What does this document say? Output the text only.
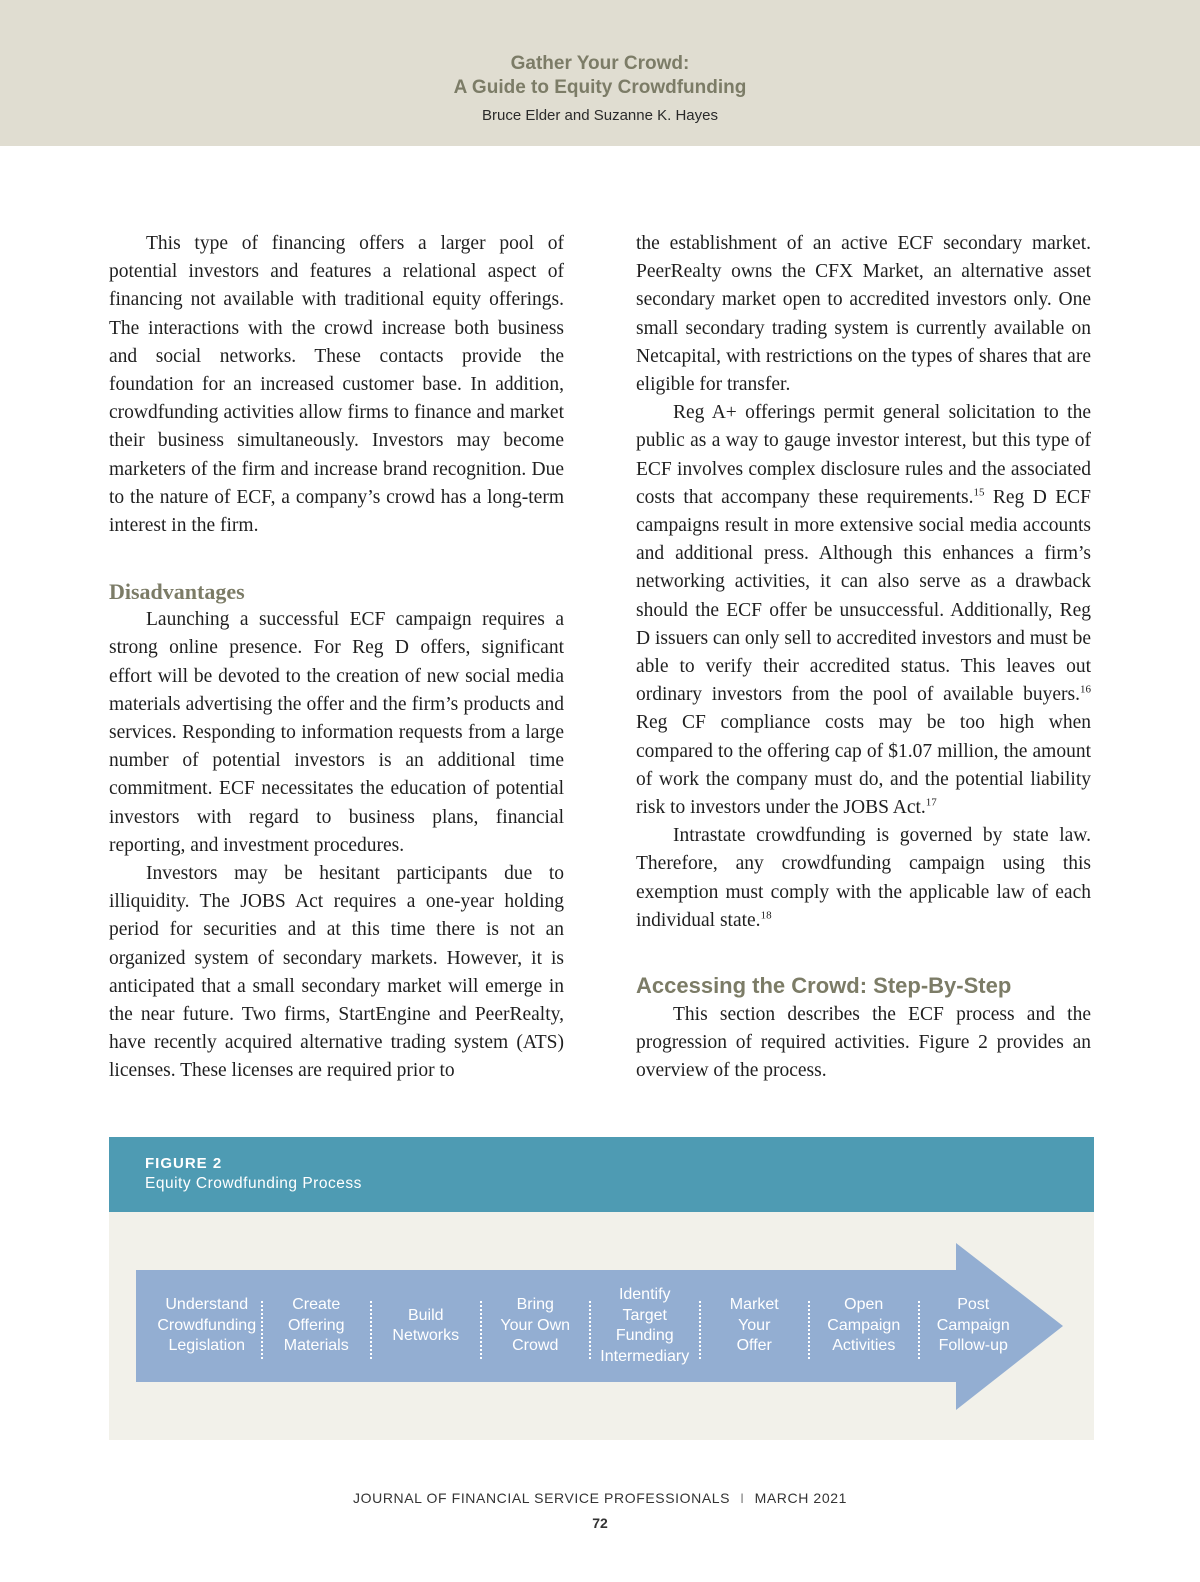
Gather Your Crowd:
A Guide to Equity Crowdfunding
Bruce Elder and Suzanne K. Hayes

This type of financing offers a larger pool of potential investors and features a relational aspect of financing not available with traditional equity offerings. The interactions with the crowd increase both business and social networks. These contacts provide the foundation for an increased customer base. In addition, crowdfunding activities allow firms to finance and market their business simultaneously. Investors may become marketers of the firm and increase brand recognition. Due to the nature of ECF, a company’s crowd has a long-term interest in the firm.

Disadvantages

Launching a successful ECF campaign requires a strong online presence. For Reg D offers, significant effort will be devoted to the creation of new social media materials advertising the offer and the firm’s products and services. Responding to information requests from a large number of potential investors is an additional time commitment. ECF necessitates the education of potential investors with regard to business plans, financial reporting, and investment procedures.

Investors may be hesitant participants due to illiquidity. The JOBS Act requires a one-year holding period for securities and at this time there is not an organized system of secondary markets. However, it is anticipated that a small secondary market will emerge in the near future. Two firms, StartEngine and PeerRealty, have recently acquired alternative trading system (ATS) licenses. These licenses are required prior to

the establishment of an active ECF secondary market. PeerRealty owns the CFX Market, an alternative asset secondary market open to accredited investors only. One small secondary trading system is currently available on Netcapital, with restrictions on the types of shares that are eligible for transfer.

Reg A+ offerings permit general solicitation to the public as a way to gauge investor interest, but this type of ECF involves complex disclosure rules and the associated costs that accompany these requirements.$^{15}$ Reg D ECF campaigns result in more extensive social media accounts and additional press. Although this enhances a firm’s networking activities, it can also serve as a drawback should the ECF offer be unsuccessful. Additionally, Reg D issuers can only sell to accredited investors and must be able to verify their accredited status. This leaves out ordinary investors from the pool of available buyers.$^{16}$ Reg CF compliance costs may be too high when compared to the offering cap of $1.07 million, the amount of work the company must do, and the potential liability risk to investors under the JOBS Act.$^{17}$

Intrastate crowdfunding is governed by state law. Therefore, any crowdfunding campaign using this exemption must comply with the applicable law of each individual state.$^{18}$

Accessing the Crowd: Step-By-Step

This section describes the ECF process and the progression of required activities. Figure 2 provides an overview of the process.

FIGURE 2
Equity Crowdfunding Process
Understand
Crowdfunding
Legislation
Create
Offering
Materials
Build
Networks
Bring
Your Own
Crowd
Identify
Target
Funding
Intermediary
Market
Your
Offer
Open
Campaign
Activities
Post
Campaign
Follow-up
JOURNAL OF FINANCIAL SERVICE PROFESSIONALS I MARCH 2021
72
